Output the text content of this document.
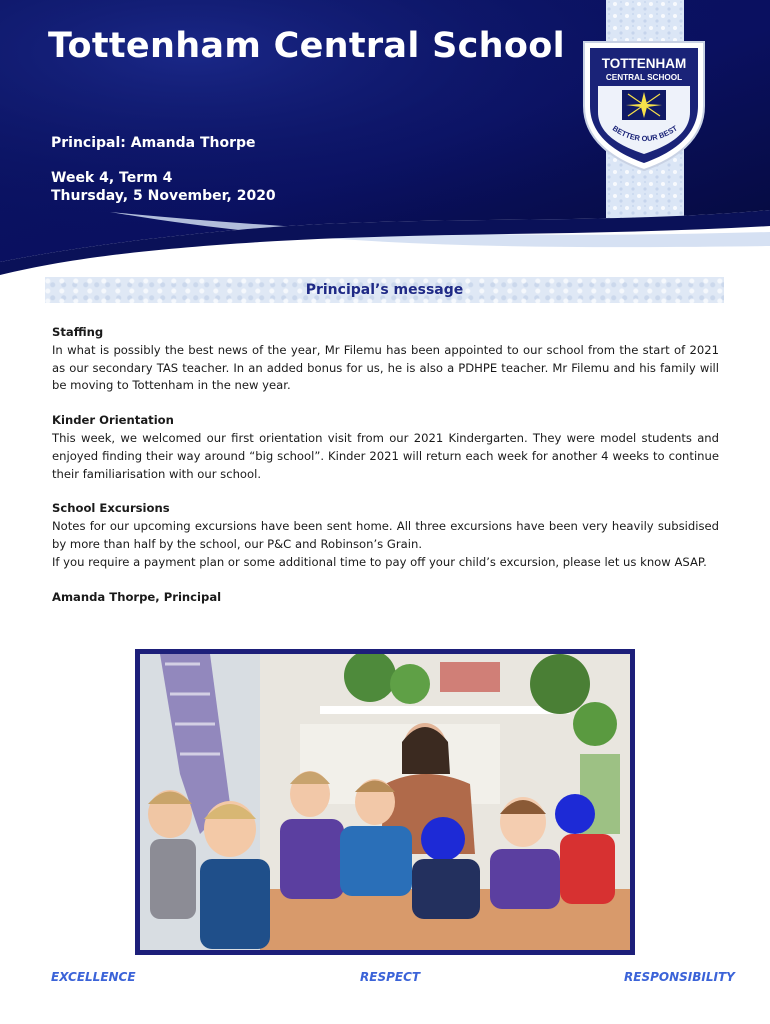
Tottenham Central School
Principal: Amanda Thorpe
Week 4, Term 4
Thursday, 5 November, 2020
TOTTENHAM
CENTRAL SCHOOL
BETTER OUR BEST
Principal’s message
Staffing

In what is possibly the best news of the year, Mr Filemu has been appointed to our school from the start of 2021 as our secondary TAS teacher. In an added bonus for us, he is also a PDHPE teacher. Mr Filemu and his family will be moving to Tottenham in the new year.

Kinder Orientation

This week, we welcomed our first orientation visit from our 2021 Kindergarten. They were model students and enjoyed finding their way around “big school”. Kinder 2021 will return each week for another 4 weeks to continue their familiarisation with our school.

School Excursions

Notes for our upcoming excursions have been sent home. All three excursions have been very heavily subsidised by more than half by the school, our P&C and Robinson’s Grain.

If you require a payment plan or some additional time to pay off your child’s excursion, please let us know ASAP.

Amanda Thorpe, Principal

EXCELLENCE	RESPECT	RESPONSIBILITY
